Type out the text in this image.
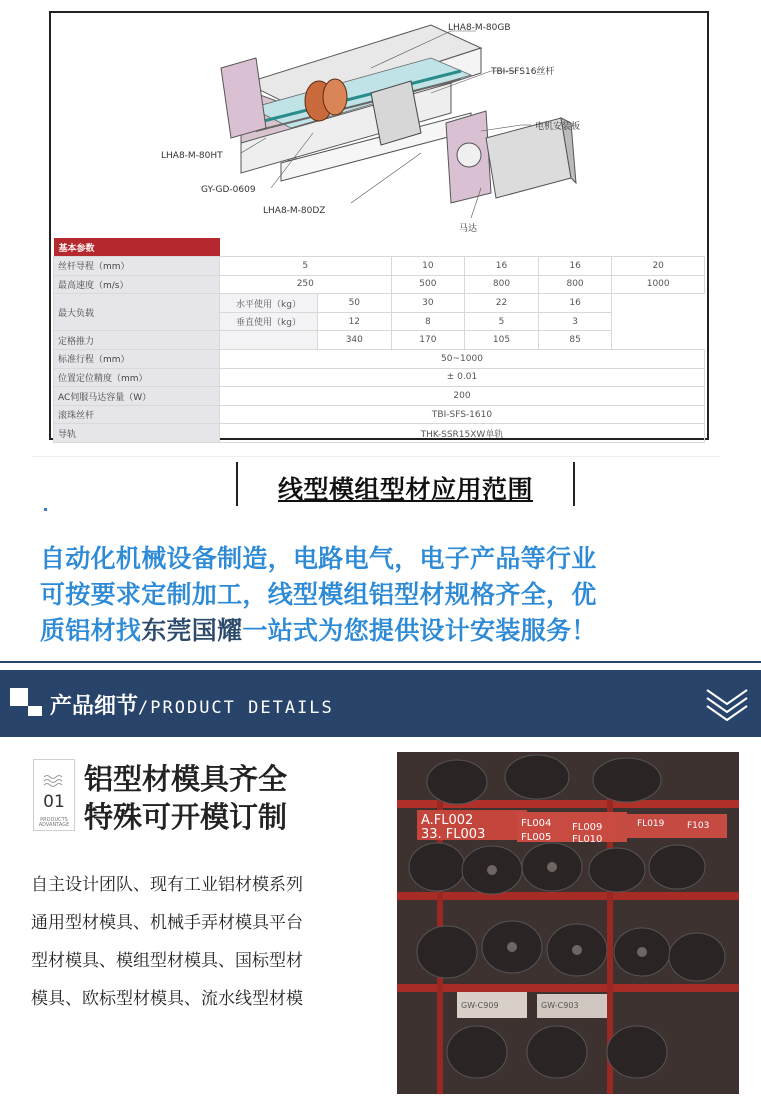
LHA8-M-80GB
TBI-SFS16丝杆
电机安装板
LHA8-M-80HT
GY-GD-0609
LHA8-M-80DZ
马达
基本参数						
丝杆导程（mm）	5		10	16	16	20
最高速度（m/s）	250		500	800	800	1000
最大负载	水平使用（kg）	50	30	22	16
	垂直使用（kg）	12	8	5	3	
定格推力		340	170	105	85	
标准行程（mm）	50~1000					
位置定位精度（mm）	± 0.01					
AC伺服马达容量（W）	200					
滚珠丝杆	TBI-SFS-1610					
导轨	THK-SSR15XW单轨					
线型模组型材应用范围
自动化机械设备制造，电路电气，电子产品等行业
可按要求定制加工，线型模组铝型材规格齐全，优
质铝材找东莞国耀一站式为您提供设计安装服务！
产品细节/PRODUCT DETAILS
01
PRODUCTS ADVANTAGE
铝型材模具齐全
特殊可开模订制
自主设计团队、现有工业铝材模系列
通用型材模具、机械手弄材模具平台
型材模具、模组型材模具、国标型材
模具、欧标型材模具、流水线型材模
A.FL002	FL004 FL009	FL019	F103
33. FL003	FL005 FL010
GW-C909	GW-C903
